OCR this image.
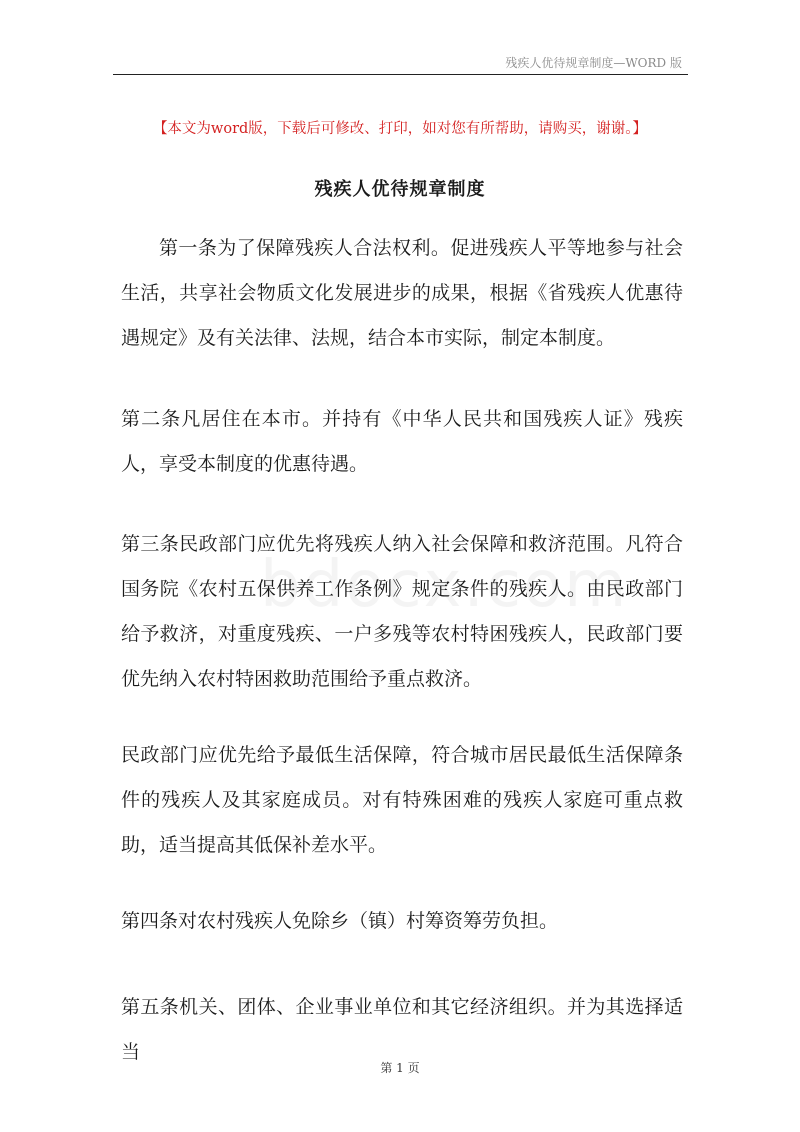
残疾人优待规章制度—WORD 版
【本文为word版，下载后可修改、打印，如对您有所帮助，请购买，谢谢。】
残疾人优待规章制度
第一条为了保障残疾人合法权利。促进残疾人平等地参与社会生活，共享社会物质文化发展进步的成果，根据《省残疾人优惠待遇规定》及有关法律、法规，结合本市实际，制定本制度。
第二条凡居住在本市。并持有《中华人民共和国残疾人证》残疾人，享受本制度的优惠待遇。
第三条民政部门应优先将残疾人纳入社会保障和救济范围。凡符合国务院《农村五保供养工作条例》规定条件的残疾人。由民政部门给予救济，对重度残疾、一户多残等农村特困残疾人，民政部门要优先纳入农村特困救助范围给予重点救济。
民政部门应优先给予最低生活保障，符合城市居民最低生活保障条件的残疾人及其家庭成员。对有特殊困难的残疾人家庭可重点救助，适当提高其低保补差水平。
第四条对农村残疾人免除乡（镇）村筹资筹劳负担。
第五条机关、团体、企业事业单位和其它经济组织。并为其选择适当
第 1 页
